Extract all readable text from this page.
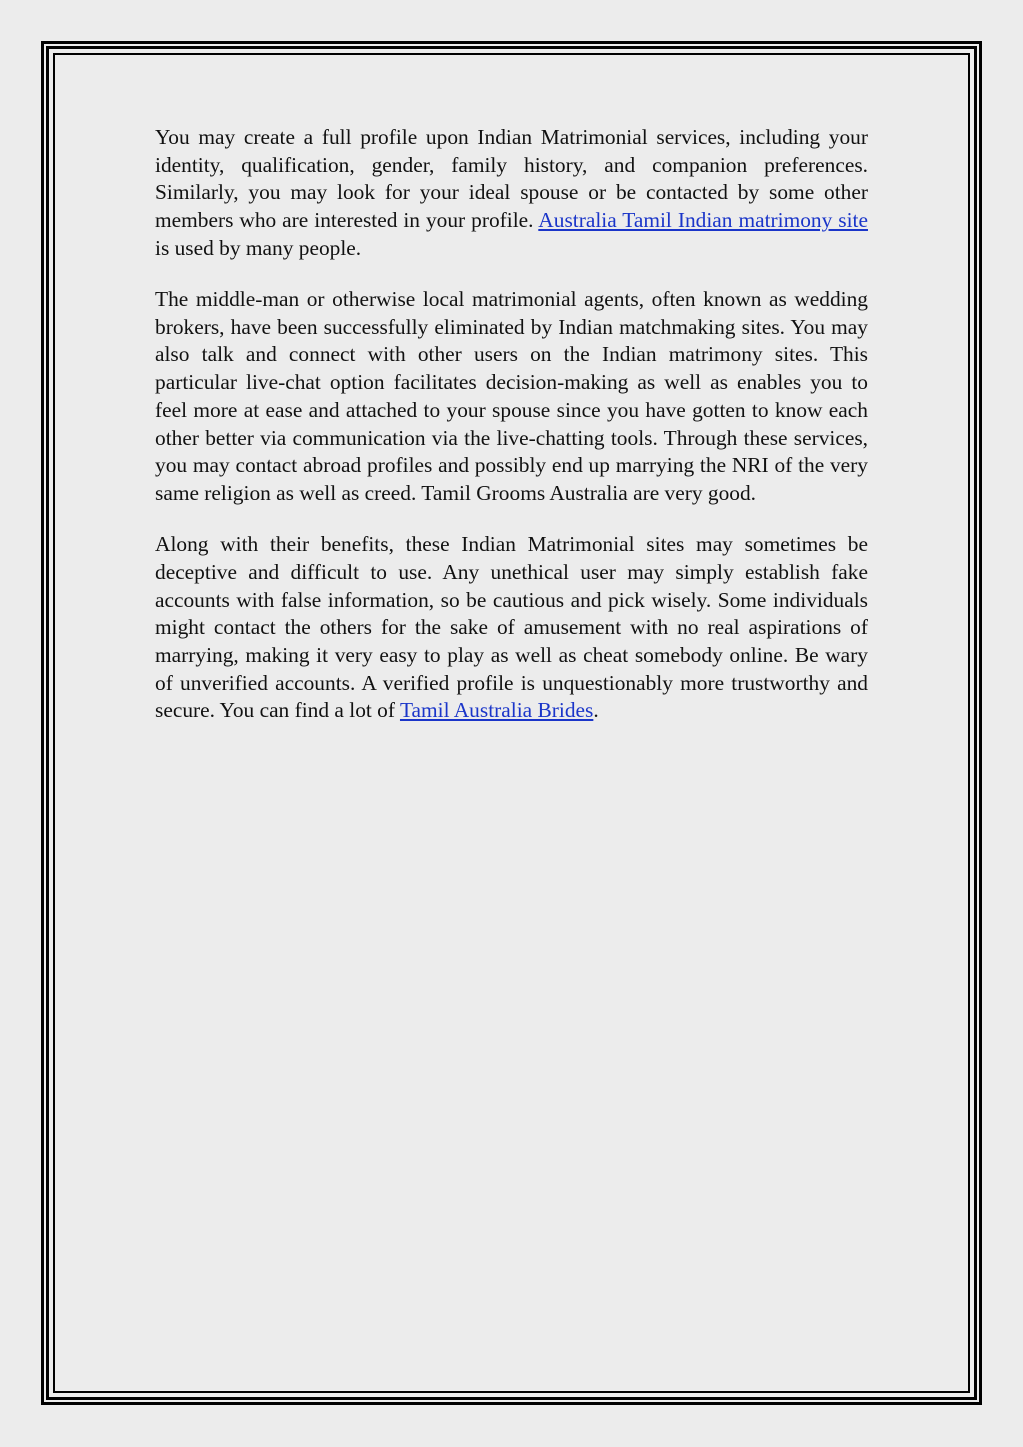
You may create a full profile upon Indian Matrimonial services, including your identity, qualification, gender, family history, and companion preferences. Similarly, you may look for your ideal spouse or be contacted by some other members who are interested in your profile. Australia Tamil Indian matrimony site is used by many people.

The middle-man or otherwise local matrimonial agents, often known as wedding brokers, have been successfully eliminated by Indian matchmaking sites. You may also talk and connect with other users on the Indian matrimony sites. This particular live-chat option facilitates decision-making as well as enables you to feel more at ease and attached to your spouse since you have gotten to know each other better via communication via the live-chatting tools. Through these services, you may contact abroad profiles and possibly end up marrying the NRI of the very same religion as well as creed. Tamil Grooms Australia are very good.

Along with their benefits, these Indian Matrimonial sites may sometimes be deceptive and difficult to use. Any unethical user may simply establish fake accounts with false information, so be cautious and pick wisely. Some individuals might contact the others for the sake of amusement with no real aspirations of marrying, making it very easy to play as well as cheat somebody online. Be wary of unverified accounts. A verified profile is unquestionably more trustworthy and secure. You can find a lot of Tamil Australia Brides.
